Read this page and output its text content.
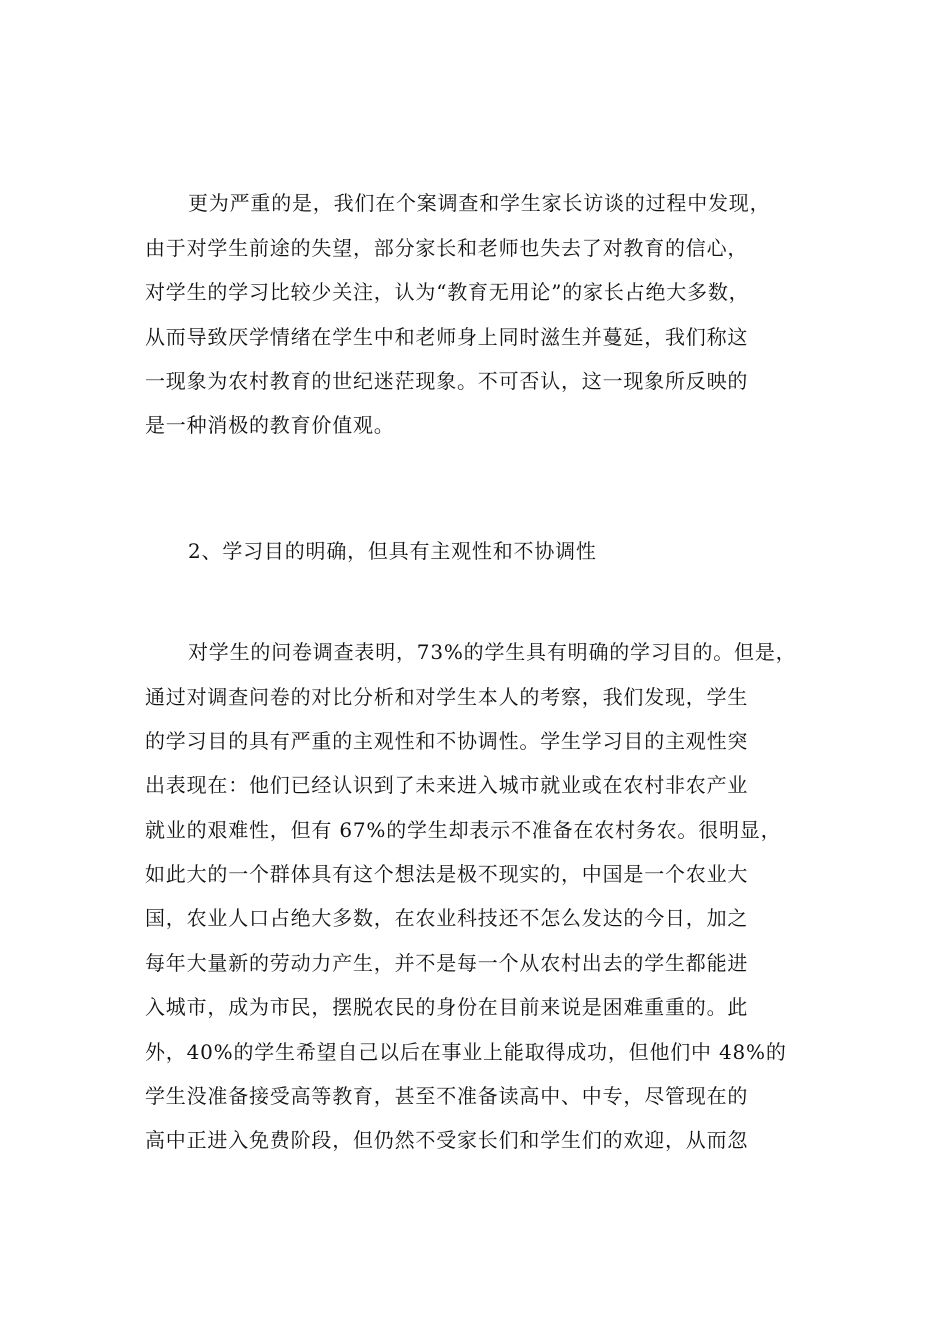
更为严重的是，我们在个案调查和学生家长访谈的过程中发现，
由于对学生前途的失望，部分家长和老师也失去了对教育的信心，
对学生的学习比较少关注，认为“教育无用论”的家长占绝大多数，
从而导致厌学情绪在学生中和老师身上同时滋生并蔓延，我们称这
一现象为农村教育的世纪迷茫现象。不可否认，这一现象所反映的
是一种消极的教育价值观。
2、学习目的明确，但具有主观性和不协调性
对学生的问卷调查表明，73%的学生具有明确的学习目的。但是，
通过对调查问卷的对比分析和对学生本人的考察，我们发现，学生
的学习目的具有严重的主观性和不协调性。学生学习目的主观性突
出表现在：他们已经认识到了未来进入城市就业或在农村非农产业
就业的艰难性，但有 67%的学生却表示不准备在农村务农。很明显，
如此大的一个群体具有这个想法是极不现实的，中国是一个农业大
国，农业人口占绝大多数，在农业科技还不怎么发达的今日，加之
每年大量新的劳动力产生，并不是每一个从农村出去的学生都能进
入城市，成为市民，摆脱农民的身份在目前来说是困难重重的。此
外，40%的学生希望自己以后在事业上能取得成功，但他们中 48%的
学生没准备接受高等教育，甚至不准备读高中、中专，尽管现在的
高中正进入免费阶段，但仍然不受家长们和学生们的欢迎，从而忽
